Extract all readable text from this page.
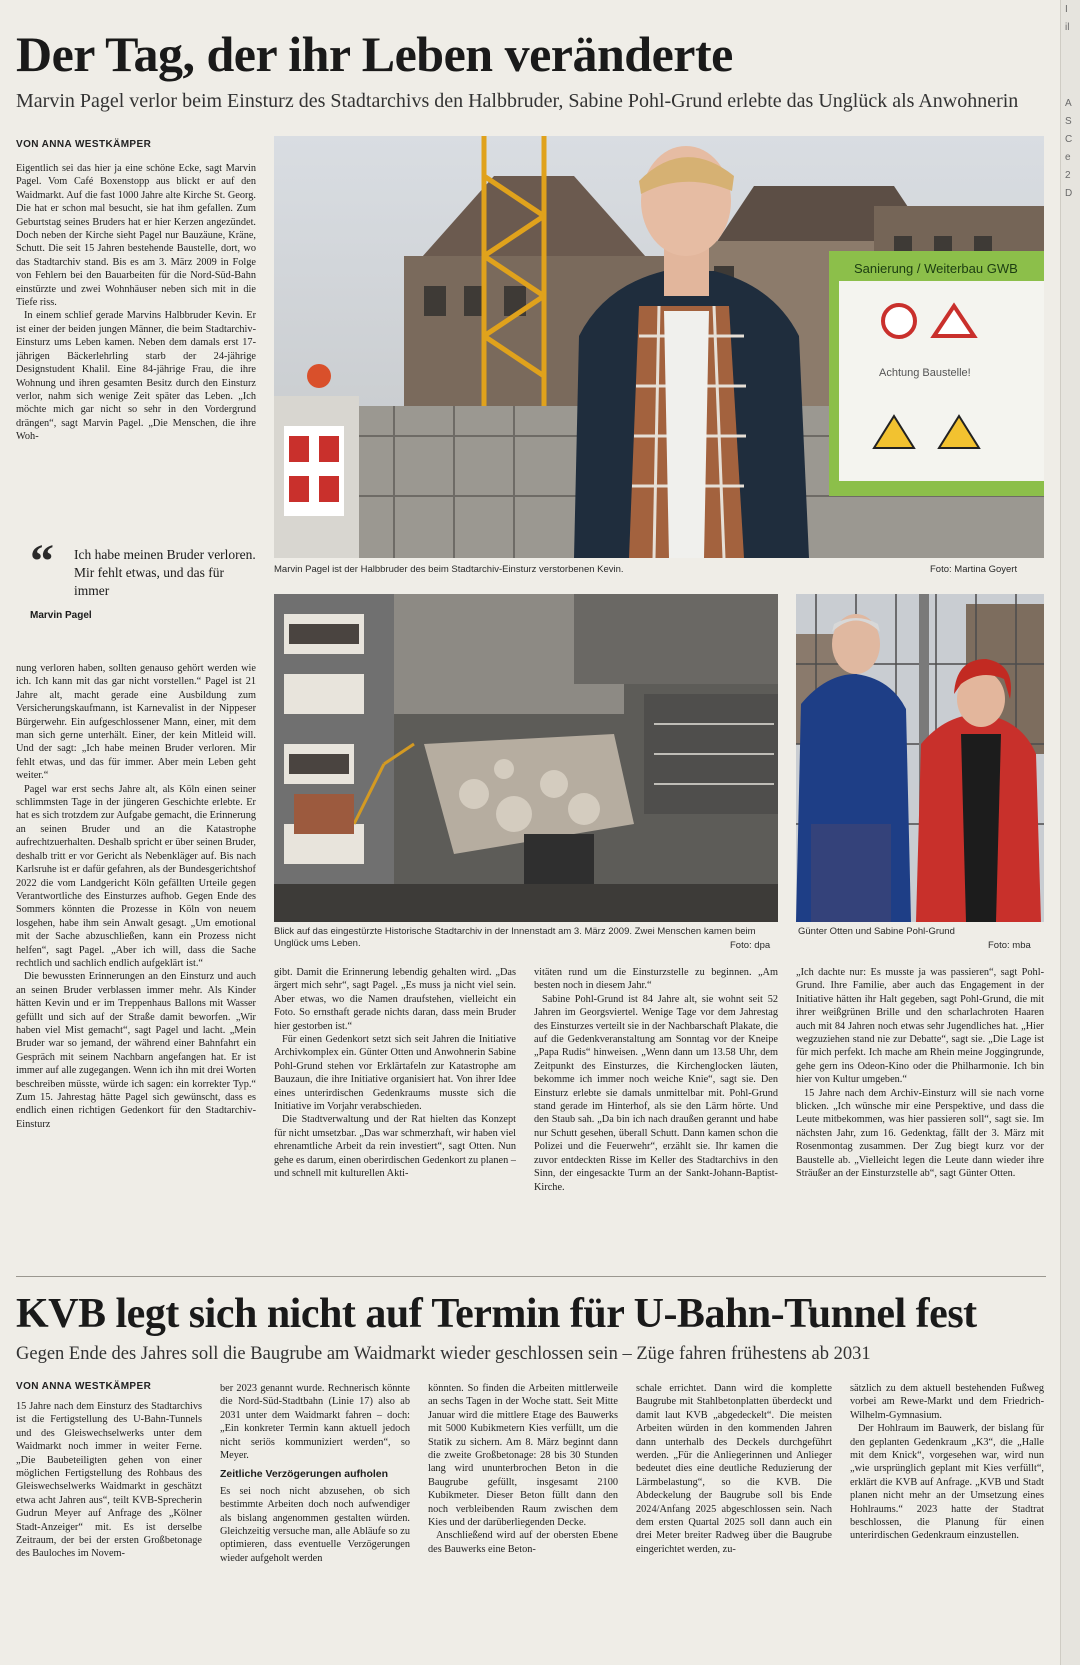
I
il
A
S
C
e
2
D
Der Tag, der ihr Leben veränderte
Marvin Pagel verlor beim Einsturz des Stadtarchivs den Halbbruder, Sabine Pohl-Grund erlebte das Unglück als Anwohnerin
VON ANNA WESTKÄMPER

Eigentlich sei das hier ja eine schöne Ecke, sagt Marvin Pagel. Vom Café Boxenstopp aus blickt er auf den Waidmarkt. Auf die fast 1000 Jahre alte Kirche St. Georg. Die hat er schon mal besucht, sie hat ihm gefallen. Zum Geburtstag seines Bruders hat er hier Kerzen angezündet. Doch neben der Kirche sieht Pagel nur Bauzäune, Kräne, Schutt. Die seit 15 Jahren bestehende Baustelle, dort, wo das Stadtarchiv stand. Bis es am 3. März 2009 in Folge von Fehlern bei den Bauarbeiten für die Nord-Süd-Bahn einstürzte und zwei Wohnhäuser neben sich mit in die Tiefe riss.

In einem schlief gerade Marvins Halbbruder Kevin. Er ist einer der beiden jungen Männer, die beim Stadtarchiv-Einsturz ums Leben kamen. Neben dem damals erst 17-jährigen Bäckerlehrling starb der 24-jährige Designstudent Khalil. Eine 84-jährige Frau, die ihre Wohnung und ihren gesamten Besitz durch den Einsturz verlor, nahm sich wenige Zeit später das Leben. „Ich möchte mich gar nicht so sehr in den Vordergrund drängen“, sagt Marvin Pagel. „Die Menschen, die ihre Woh-

“	Ich habe meinen Bruder verloren. Mir fehlt etwas, und das für immer
Marvin Pagel

nung verloren haben, sollten genauso gehört werden wie ich. Ich kann mit das gar nicht vorstellen.“ Pagel ist 21 Jahre alt, macht gerade eine Ausbildung zum Versicherungskaufmann, ist Karnevalist in der Nippeser Bürgerwehr. Ein aufgeschlossener Mann, einer, mit dem man sich gerne unterhält. Einer, der kein Mitleid will. Und der sagt: „Ich habe meinen Bruder verloren. Mir fehlt etwas, und das für immer. Aber mein Leben geht weiter.“

Pagel war erst sechs Jahre alt, als Köln einen seiner schlimmsten Tage in der jüngeren Geschichte erlebte. Er hat es sich trotzdem zur Aufgabe gemacht, die Erinnerung an seinen Bruder und an die Katastrophe aufrechtzuerhalten. Deshalb spricht er über seinen Bruder, deshalb tritt er vor Gericht als Nebenkläger auf. Bis nach Karlsruhe ist er dafür gefahren, als der Bundesgerichtshof 2022 die vom Landgericht Köln gefällten Urteile gegen Verantwortliche des Einsturzes aufhob. Gegen Ende des Sommers könnten die Prozesse in Köln von neuem losgehen, habe ihm sein Anwalt gesagt. „Um emotional mit der Sache abzuschließen, kann ein Prozess nicht helfen“, sagt Pagel. „Aber ich will, dass die Sache rechtlich und sachlich endlich aufgeklärt ist.“

Die bewussten Erinnerungen an den Einsturz und auch an seinen Bruder verblassen immer mehr. Als Kinder hätten Kevin und er im Treppenhaus Ballons mit Wasser gefüllt und sich auf der Straße damit beworfen. „Wir haben viel Mist gemacht“, sagt Pagel und lacht. „Mein Bruder war so jemand, der während einer Bahnfahrt ein Gespräch mit seinem Nachbarn angefangen hat. Er ist immer auf alle zugegangen. Wenn ich ihn mit drei Worten beschreiben müsste, würde ich sagen: ein korrekter Typ.“ Zum 15. Jahrestag hätte Pagel sich gewünscht, dass es endlich einen richtigen Gedenkort für den Stadtarchiv-Einsturz

Sanierung / Weiterbau GWB
Achtung Baustelle!
Marvin Pagel ist der Halbbruder des beim Stadtarchiv-Einsturz verstorbenen Kevin.	Foto: Martina Goyert
Blick auf das eingestürzte Historische Stadtarchiv in der Innenstadt am 3. März 2009. Zwei Menschen kamen beim Unglück ums Leben.	Foto: dpa
Günter Otten und Sabine Pohl-Grund
Foto: mba

gibt. Damit die Erinnerung lebendig gehalten wird. „Das ärgert mich sehr“, sagt Pagel. „Es muss ja nicht viel sein. Aber etwas, wo die Namen draufstehen, vielleicht ein Foto. So ernsthaft gerade nichts daran, dass mein Bruder hier gestorben ist.“

Für einen Gedenkort setzt sich seit Jahren die Initiative Archivkomplex ein. Günter Otten und Anwohnerin Sabine Pohl-Grund stehen vor Erklärtafeln zur Katastrophe am Bauzaun, die ihre Initiative organisiert hat. Von ihrer Idee eines unterirdischen Gedenkraums musste sich die Initiative im Vorjahr verabschieden.

Die Stadtverwaltung und der Rat hielten das Konzept für nicht umsetzbar. „Das war schmerzhaft, wir haben viel ehrenamtliche Arbeit da rein investiert“, sagt Otten. Nun gehe es darum, einen oberirdischen Gedenkort zu planen – und schnell mit kulturellen Akti-

vitäten rund um die Einsturzstelle zu beginnen. „Am besten noch in diesem Jahr.“

Sabine Pohl-Grund ist 84 Jahre alt, sie wohnt seit 52 Jahren im Georgsviertel. Wenige Tage vor dem Jahrestag des Einsturzes verteilt sie in der Nachbarschaft Plakate, die auf die Gedenkveranstaltung am Sonntag vor der Kneipe „Papa Rudis“ hinweisen. „Wenn dann um 13.58 Uhr, dem Zeitpunkt des Einsturzes, die Kirchenglocken läuten, bekomme ich immer noch weiche Knie“, sagt sie. Den Einsturz erlebte sie damals unmittelbar mit. Pohl-Grund stand gerade im Hinterhof, als sie den Lärm hörte. Und den Staub sah. „Da bin ich nach draußen gerannt und habe nur Schutt gesehen, überall Schutt. Dann kamen schon die Polizei und die Feuerwehr“, erzählt sie. Ihr kamen die zuvor entdeckten Risse im Keller des Stadtarchivs in den Sinn, der eingesackte Turm an der Sankt-Johann-Baptist-Kirche.

„Ich dachte nur: Es musste ja was passieren“, sagt Pohl-Grund. Ihre Familie, aber auch das Engagement in der Initiative hätten ihr Halt gegeben, sagt Pohl-Grund, die mit ihrer weißgrünen Brille und den scharlachroten Haaren auch mit 84 Jahren noch etwas sehr Jugendliches hat. „Hier wegzuziehen stand nie zur Debatte“, sagt sie. „Die Lage ist für mich perfekt. Ich mache am Rhein meine Joggingrunde, gehe gern ins Odeon-Kino oder die Philharmonie. Ich bin hier von Kultur umgeben.“

15 Jahre nach dem Archiv-Einsturz will sie nach vorne blicken. „Ich wünsche mir eine Perspektive, und dass die Leute mitbekommen, was hier passieren soll“, sagt sie. Im nächsten Jahr, zum 16. Gedenktag, fällt der 3. März mit Rosenmontag zusammen. Der Zug biegt kurz vor der Baustelle ab. „Vielleicht legen die Leute dann wieder ihre Sträußer an der Einsturzstelle ab“, sagt Günter Otten.

KVB legt sich nicht auf Termin für U-Bahn-Tunnel fest
Gegen Ende des Jahres soll die Baugrube am Waidmarkt wieder geschlossen sein – Züge fahren frühestens ab 2031
VON ANNA WESTKÄMPER

15 Jahre nach dem Einsturz des Stadtarchivs ist die Fertigstellung des U-Bahn-Tunnels und des Gleiswechselwerks unter dem Waidmarkt noch immer in weiter Ferne. „Die Baubeteiligten gehen von einer möglichen Fertigstellung des Rohbaus des Gleiswechselwerks Waidmarkt in geschätzt etwa acht Jahren aus“, teilt KVB-Sprecherin Gudrun Meyer auf Anfrage des „Kölner Stadt-Anzeiger“ mit. Es ist derselbe Zeitraum, der bei der ersten Großbetonage des Bauloches im Novem-

ber 2023 genannt wurde. Rechnerisch könnte die Nord-Süd-Stadtbahn (Linie 17) also ab 2031 unter dem Waidmarkt fahren – doch: „Ein konkreter Termin kann aktuell jedoch nicht seriös kommuniziert werden“, so Meyer.

Zeitliche Verzögerungen aufholen

Es sei noch nicht abzusehen, ob sich bestimmte Arbeiten doch noch aufwendiger als bislang angenommen gestalten würden. Gleichzeitig versuche man, alle Abläufe so zu optimieren, dass eventuelle Verzögerungen wieder aufgeholt werden

könnten. So finden die Arbeiten mittlerweile an sechs Tagen in der Woche statt. Seit Mitte Januar wird die mittlere Etage des Bauwerks mit 5000 Kubikmetern Kies verfüllt, um die Statik zu sichern. Am 8. März beginnt dann die zweite Großbetonage: 28 bis 30 Stunden lang wird ununterbrochen Beton in die Baugrube gefüllt, insgesamt 2100 Kubikmeter. Dieser Beton füllt dann den noch verbleibenden Raum zwischen dem Kies und der darüberliegenden Decke.

Anschließend wird auf der obersten Ebene des Bauwerks eine Beton-

schale errichtet. Dann wird die komplette Baugrube mit Stahlbetonplatten überdeckt und damit laut KVB „abgedeckelt“. Die meisten Arbeiten würden in den kommenden Jahren dann unterhalb des Deckels durchgeführt werden. „Für die Anliegerinnen und Anlieger bedeutet dies eine deutliche Reduzierung der Lärmbelastung“, so die KVB. Die Abdeckelung der Baugrube soll bis Ende 2024/Anfang 2025 abgeschlossen sein. Nach dem ersten Quartal 2025 soll dann auch ein drei Meter breiter Radweg über die Baugrube eingerichtet werden, zu-

sätzlich zu dem aktuell bestehenden Fußweg vorbei am Rewe-Markt und dem Friedrich-Wilhelm-Gymnasium.

Der Hohlraum im Bauwerk, der bislang für den geplanten Gedenkraum „K3“, die „Halle mit dem Knick“, vorgesehen war, wird nun „wie ursprünglich geplant mit Kies verfüllt“, erklärt die KVB auf Anfrage. „KVB und Stadt planen nicht mehr an der Umsetzung eines Hohlraums.“ 2023 hatte der Stadtrat beschlossen, die Planung für einen unterirdischen Gedenkraum einzustellen.
